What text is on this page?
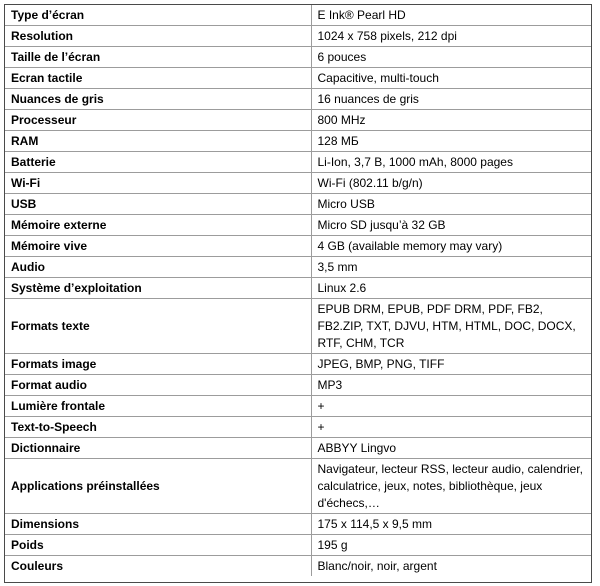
Type d’écran	E Ink® Pearl HD
Resolution	1024 x 758 pixels, 212 dpi
Taille de l’écran	6 pouces
Ecran tactile	Capacitive, multi-touch
Nuances de gris	16 nuances de gris
Processeur	800 MHz
RAM	128 МБ
Batterie	Li-Ion, 3,7 В, 1000 mAh, 8000 pages
Wi-Fi	Wi-Fi (802.11 b/g/n)
USB	Micro USB
Mémoire externe	Micro SD jusqu’à 32 GB
Mémoire vive	4 GB (available memory may vary)
Audio	3,5 mm
Système d’exploitation	Linux 2.6
Formats texte	EPUB DRM, EPUB, PDF DRM, PDF, FB2, FB2.ZIP, TXT, DJVU, HTM, HTML, DOC, DOCX, RTF, CHM, TCR
Formats image	JPEG, BMP, PNG, TIFF
Format audio	MP3
Lumière frontale	+
Text-to-Speech	+
Dictionnaire	ABBYY Lingvo
Applications préinstallées	Navigateur, lecteur RSS, lecteur audio, calendrier, calculatrice, jeux, notes, bibliothèque, jeux d'échecs,…
Dimensions	175 x 114,5 x 9,5 mm
Poids	195 g
Couleurs	Blanc/noir, noir, argent
